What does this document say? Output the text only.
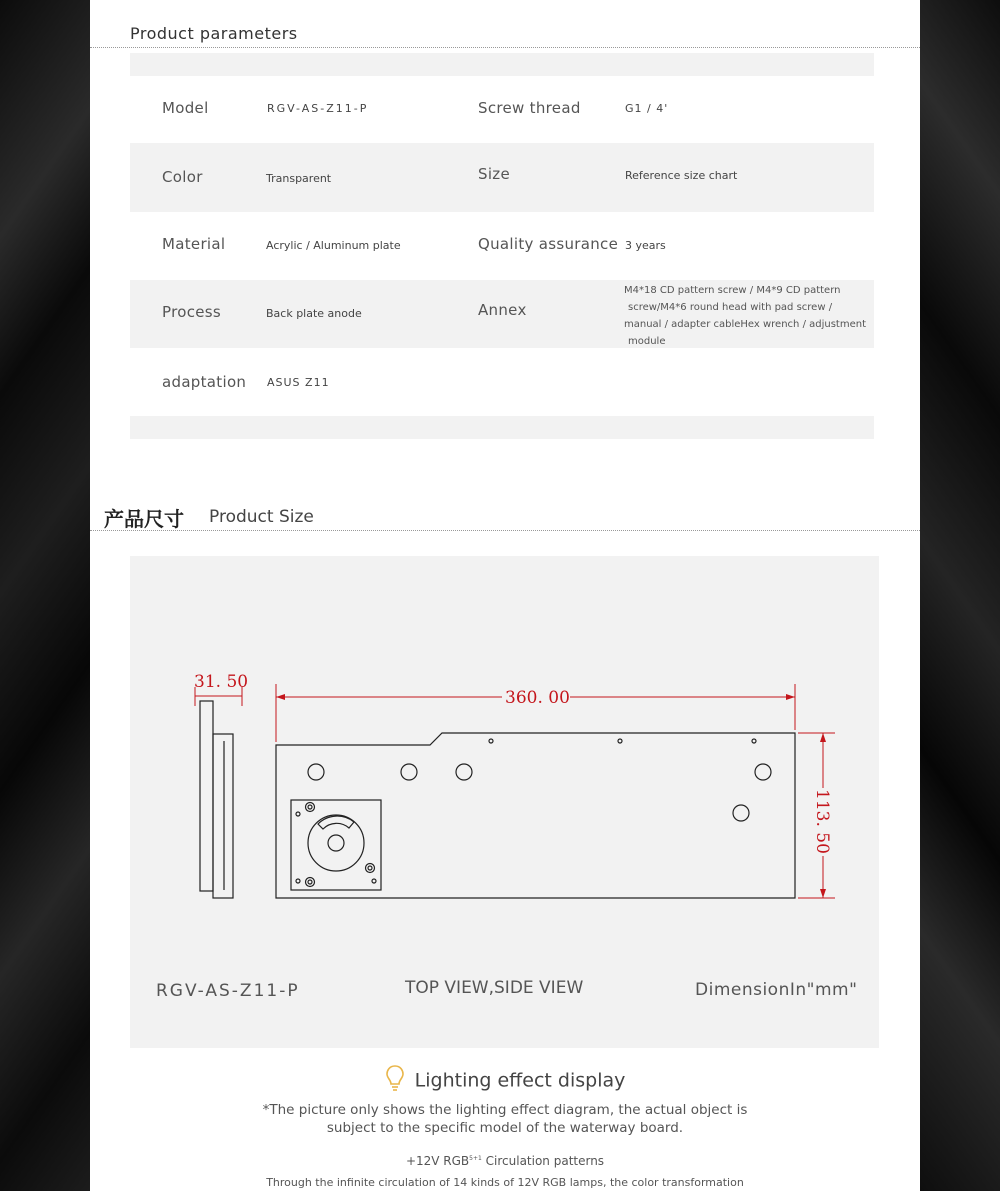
Product parameters
Model	RGV-AS-Z11-P	Screw thread	G1 / 4'
Color	Transparent	Size	Reference size chart
Material	Acrylic / Aluminum plate	Quality assurance 3 years
Process	Back plate anode	Annex
M4*18 CD pattern screw / M4*9 CD pattern
screw/M4*6 round head with pad screw /
manual / adapter cableHex wrench / adjustment
module
adaptation ASUS Z11
产品尺寸 Product Size
31. 50
360. 00
113. 50
RGV-AS-Z11-P	TOP VIEW,SIDE VIEW	DimensionIn"mm"
Lighting effect display
*The picture only shows the lighting effect diagram, the actual object is
subject to the specific model of the waterway board.
+12V $RGB^{5+1}$ Circulation patterns
Through the infinite circulation of 14 kinds of 12V RGB lamps, the color transformation
